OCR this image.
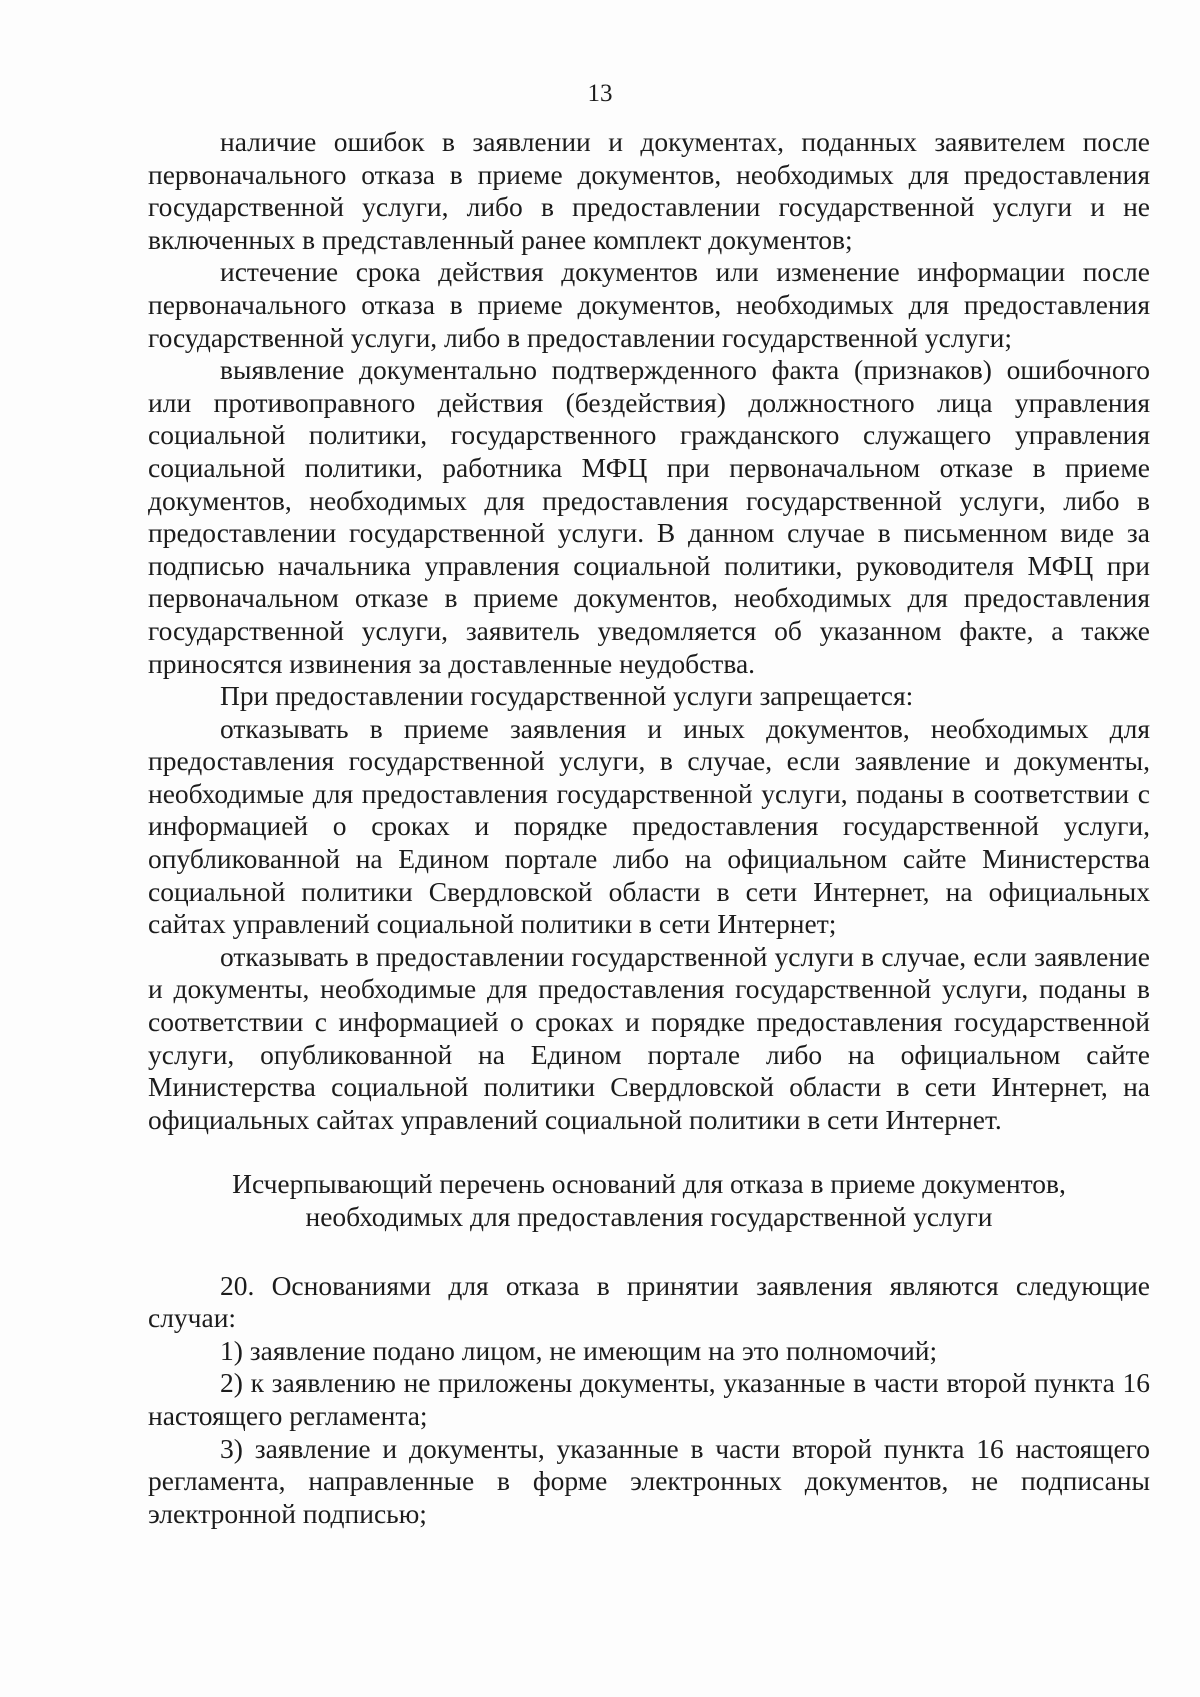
13

наличие ошибок в заявлении и документах, поданных заявителем после первоначального отказа в приеме документов, необходимых для предоставления государственной услуги, либо в предоставлении государственной услуги и не включенных в представленный ранее комплект документов;

истечение срока действия документов или изменение информации после первоначального отказа в приеме документов, необходимых для предоставления государственной услуги, либо в предоставлении государственной услуги;

выявление документально подтвержденного факта (признаков) ошибочного или противоправного действия (бездействия) должностного лица управления социальной политики, государственного гражданского служащего управления социальной политики, работника МФЦ при первоначальном отказе в приеме документов, необходимых для предоставления государственной услуги, либо в предоставлении государственной услуги. В данном случае в письменном виде за подписью начальника управления социальной политики, руководителя МФЦ при первоначальном отказе в приеме документов, необходимых для предоставления государственной услуги, заявитель уведомляется об указанном факте, а также приносятся извинения за доставленные неудобства.

При предоставлении государственной услуги запрещается:

отказывать в приеме заявления и иных документов, необходимых для предоставления государственной услуги, в случае, если заявление и документы, необходимые для предоставления государственной услуги, поданы в соответствии с информацией о сроках и порядке предоставления государственной услуги, опубликованной на Едином портале либо на официальном сайте Министерства социальной политики Свердловской области в сети Интернет, на официальных сайтах управлений социальной политики в сети Интернет;

отказывать в предоставлении государственной услуги в случае, если заявление и документы, необходимые для предоставления государственной услуги, поданы в соответствии с информацией о сроках и порядке предоставления государственной услуги, опубликованной на Едином портале либо на официальном сайте Министерства социальной политики Свердловской области в сети Интернет, на официальных сайтах управлений социальной политики в сети Интернет.

Исчерпывающий перечень оснований для отказа в приеме документов,
необходимых для предоставления государственной услуги

20. Основаниями для отказа в принятии заявления являются следующие случаи:

1) заявление подано лицом, не имеющим на это полномочий;

2) к заявлению не приложены документы, указанные в части второй пункта 16 настоящего регламента;

3) заявление и документы, указанные в части второй пункта 16 настоящего регламента, направленные в форме электронных документов, не подписаны электронной подписью;
